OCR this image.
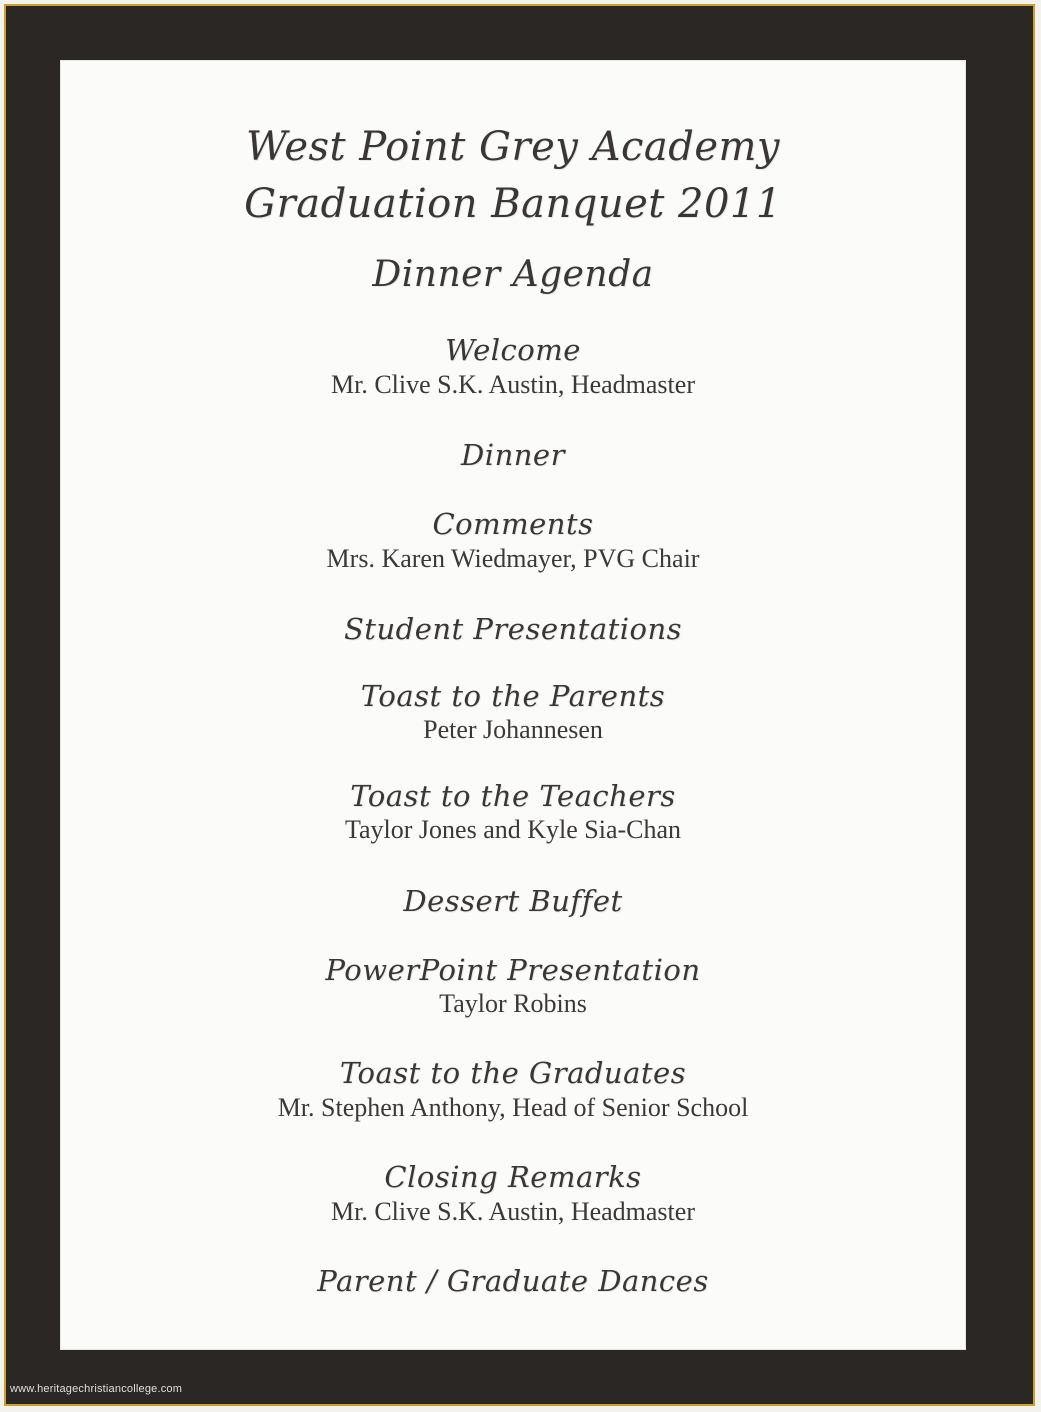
West Point Grey Academy
Graduation Banquet 2011
Dinner Agenda
Welcome
Mr. Clive S.K. Austin, Headmaster
Dinner
Comments
Mrs. Karen Wiedmayer, PVG Chair
Student Presentations
Toast to the Parents
Peter Johannesen
Toast to the Teachers
Taylor Jones and Kyle Sia-Chan
Dessert Buffet
PowerPoint Presentation
Taylor Robins
Toast to the Graduates
Mr. Stephen Anthony, Head of Senior School
Closing Remarks
Mr. Clive S.K. Austin, Headmaster
Parent / Graduate Dances
www.heritagechristiancollege.com
